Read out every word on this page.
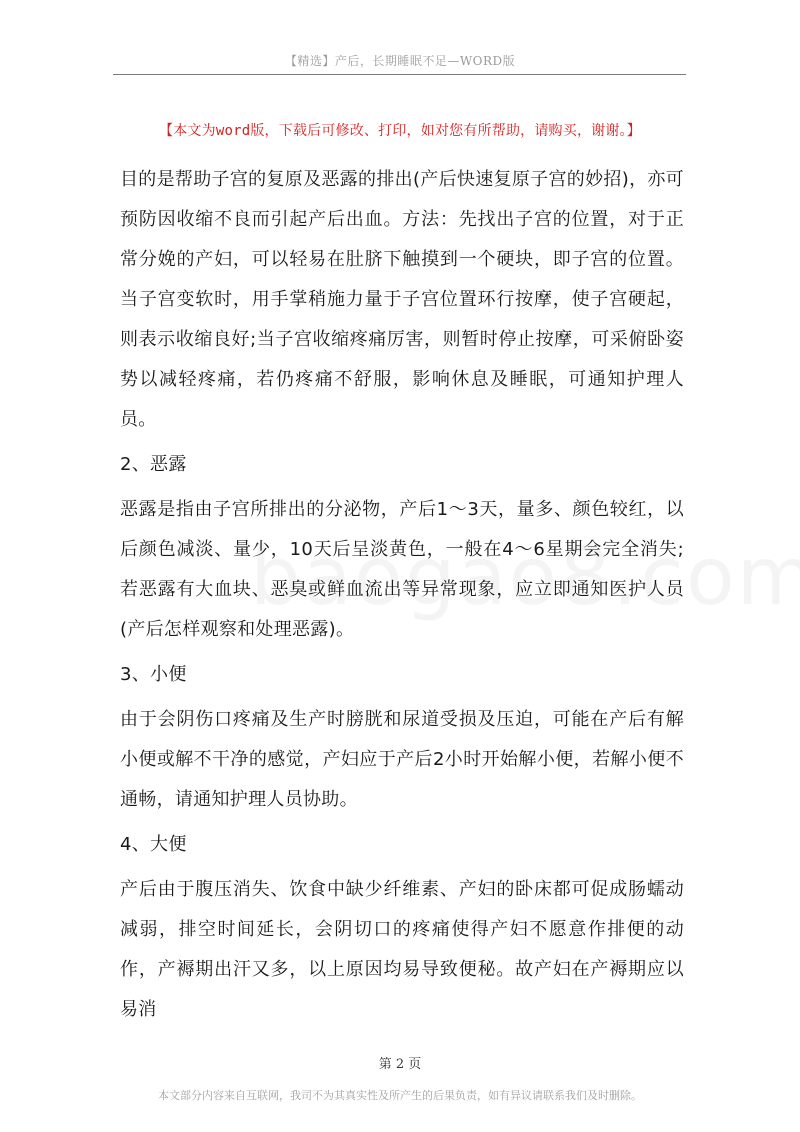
【精选】产后，长期睡眠不足—WORD版
【本文为word版，下载后可修改、打印，如对您有所帮助，请购买，谢谢。】

目的是帮助子宫的复原及恶露的排出(产后快速复原子宫的妙招)，亦可预防因收缩不良而引起产后出血。方法：先找出子宫的位置，对于正常分娩的产妇，可以轻易在肚脐下触摸到一个硬块，即子宫的位置。当子宫变软时，用手掌稍施力量于子宫位置环行按摩，使子宫硬起，则表示收缩良好;当子宫收缩疼痛厉害，则暂时停止按摩，可采俯卧姿势以减轻疼痛，若仍疼痛不舒服，影响休息及睡眠，可通知护理人员。

2、恶露

恶露是指由子宫所排出的分泌物，产后1～3天，量多、颜色较红，以后颜色减淡、量少，10天后呈淡黄色，一般在4～6星期会完全消失;若恶露有大血块、恶臭或鲜血流出等异常现象，应立即通知医护人员(产后怎样观察和处理恶露)。

3、小便

由于会阴伤口疼痛及生产时膀胱和尿道受损及压迫，可能在产后有解小便或解不干净的感觉，产妇应于产后2小时开始解小便，若解小便不通畅，请通知护理人员协助。

4、大便

产后由于腹压消失、饮食中缺少纤维素、产妇的卧床都可促成肠蠕动减弱，排空时间延长，会阴切口的疼痛使得产妇不愿意作排便的动作，产褥期出汗又多，以上原因均易导致便秘。故产妇在产褥期应以易消

第 2 页
本文部分内容来自互联网，我司不为其真实性及所产生的后果负责，如有异议请联系我们及时删除。
